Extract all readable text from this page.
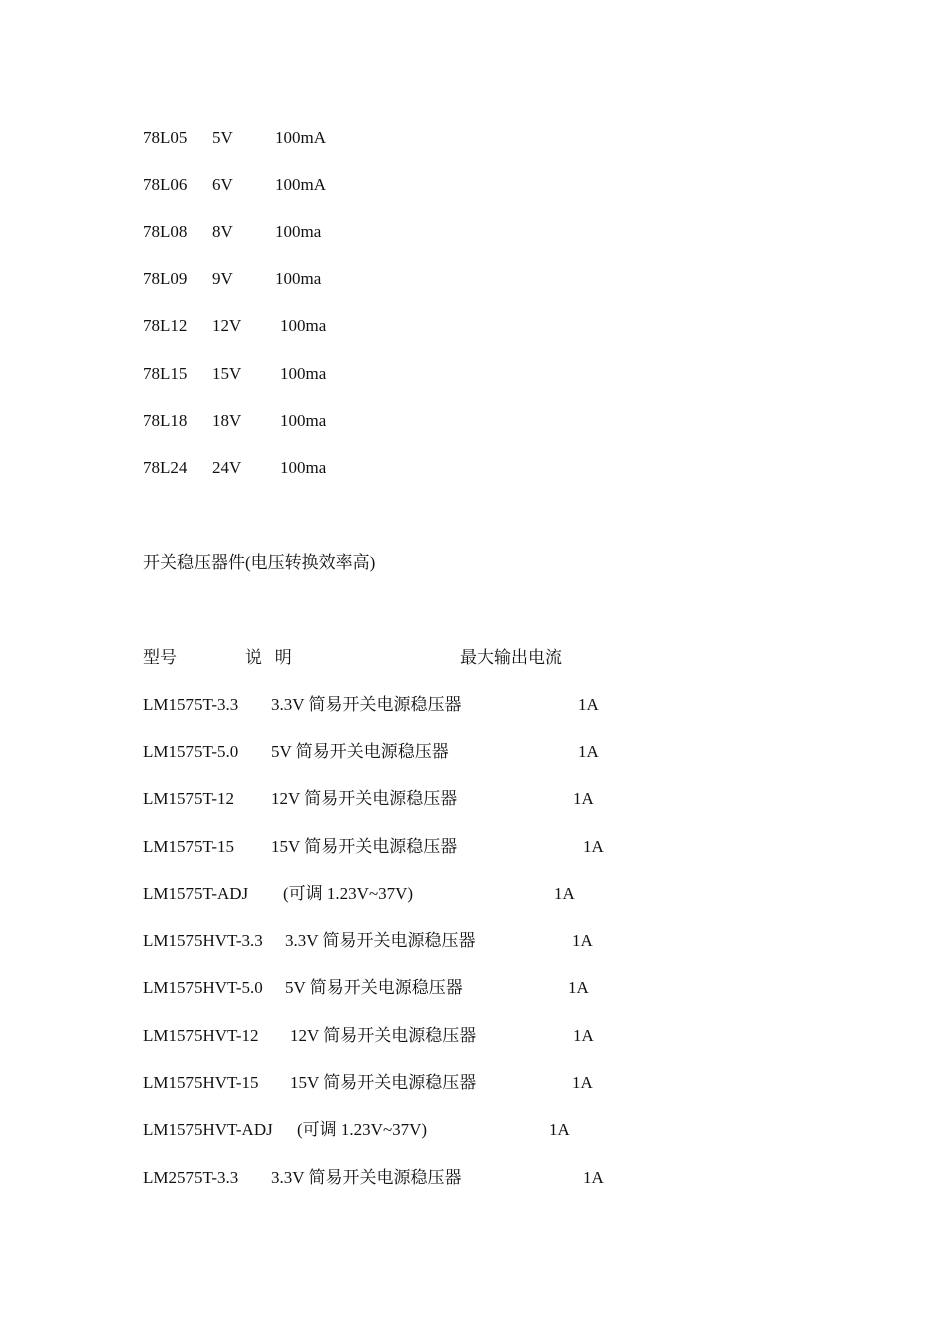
78L05 5V 100mA
78L06 6V 100mA
78L08 8V 100ma
78L09 9V 100ma
78L12 12V 100ma
78L15 15V 100ma
78L18 18V 100ma
78L24 24V 100ma
开关稳压器件(电压转换效率高)
型号	说   明	最大输出电流
LM1575T-3.3 3.3V 简易开关电源稳压器	1A
LM1575T-5.0 5V 简易开关电源稳压器	1A
LM1575T-12 12V 简易开关电源稳压器	1A
LM1575T-15 15V 简易开关电源稳压器	1A
LM1575T-ADJ (可调 1.23V~37V)	1A
LM1575HVT-3.3 3.3V 简易开关电源稳压器	1A
LM1575HVT-5.0 5V 简易开关电源稳压器	1A
LM1575HVT-12 12V 简易开关电源稳压器	1A
LM1575HVT-15 15V 简易开关电源稳压器	1A
LM1575HVT-ADJ (可调 1.23V~37V)	1A
LM2575T-3.3 3.3V 简易开关电源稳压器	1A
